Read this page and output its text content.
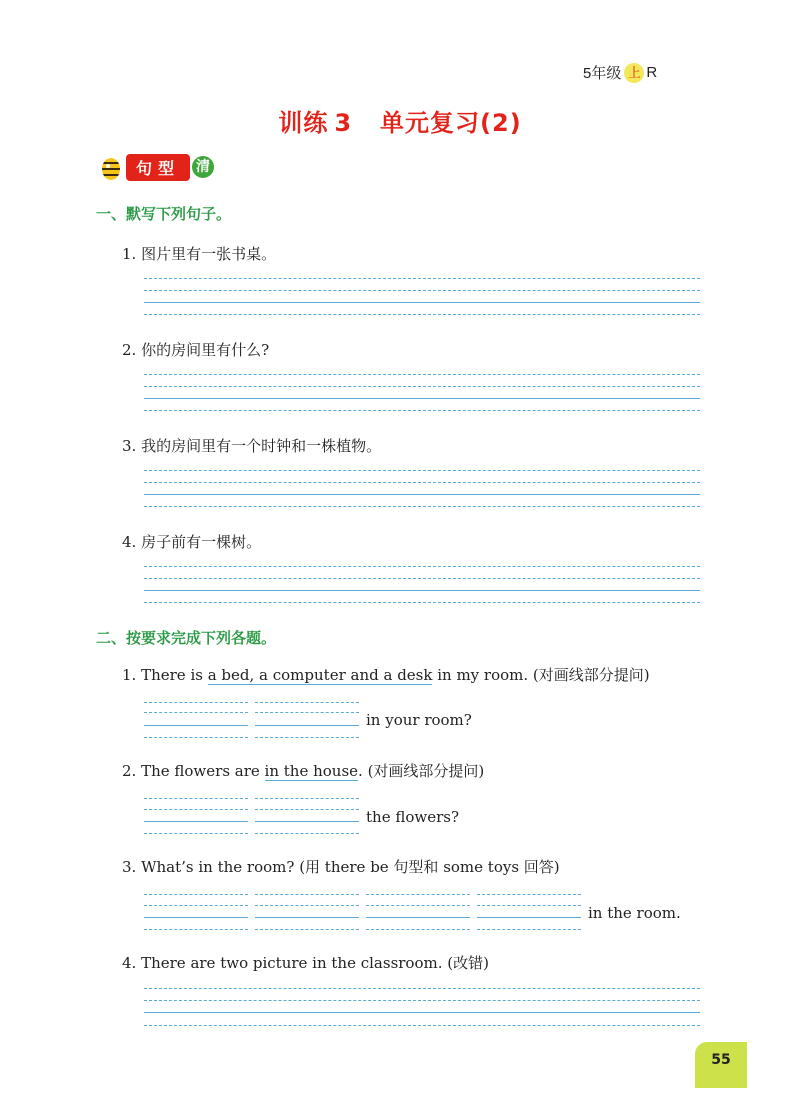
5年级 上 R
训练 3 单元复习(2)
句型	清
一、默写下列句子。
1. 图片里有一张书桌。
2. 你的房间里有什么?
3. 我的房间里有一个时钟和一株植物。
4. 房子前有一棵树。
二、按要求完成下列各题。
1. There is a bed, a computer and a desk in my room. (对画线部分提问)
in your room?
2. The flowers are in the house. (对画线部分提问)
the flowers?
3. What’s in the room? (用 there be 句型和 some toys 回答)
in the room.
4. There are two picture in the classroom. (改错)
55
